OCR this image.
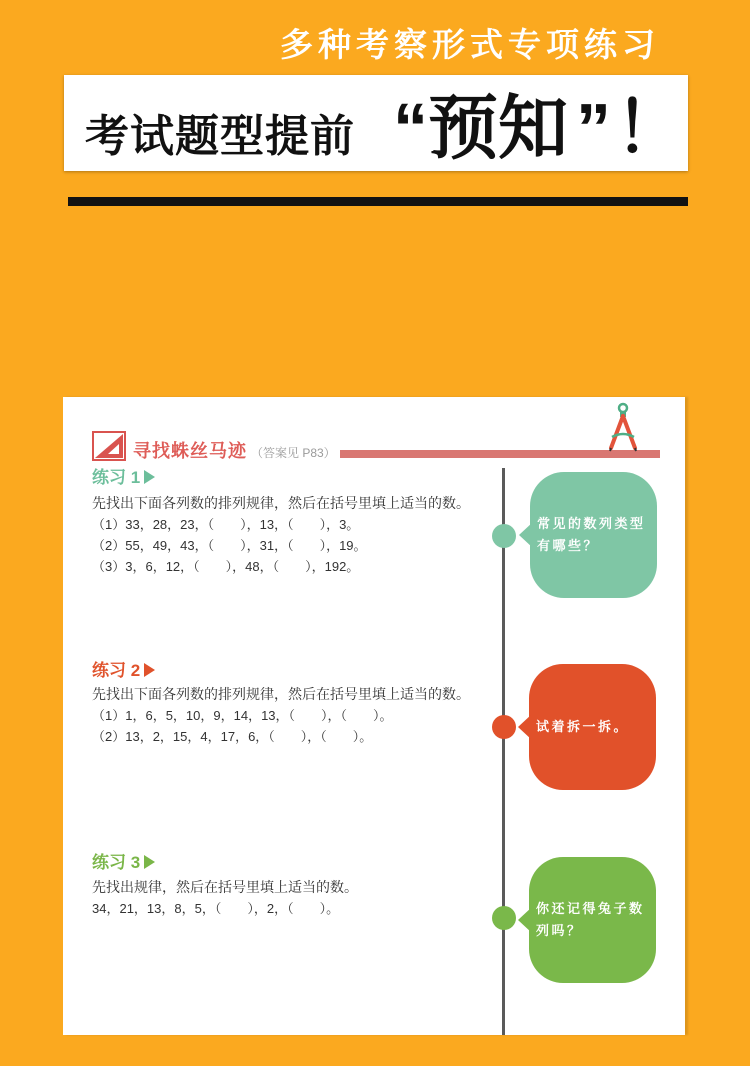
多种考察形式专项练习
考试题型提前 “预知 ”！
寻找蛛丝马迹 （答案见 P83）
练习 1
先找出下面各列数的排列规律，然后在括号里填上适当的数。
（1）33，28，23，（　　），13，（　　），3。
（2）55，49，43，（　　），31，（　　），19。
（3）3，6，12，（　　），48，（　　），192。
练习 2
先找出下面各列数的排列规律，然后在括号里填上适当的数。
（1）1，6，5，10，9，14，13，（　　），（　　）。
（2）13，2，15，4，17，6，（　　），（　　）。
练习 3
先找出规律，然后在括号里填上适当的数。
34，21，13，8，5，（　　），2，（　　）。
常见的数列类型有哪些？
试着拆一拆。
你还记得兔子数列吗？
